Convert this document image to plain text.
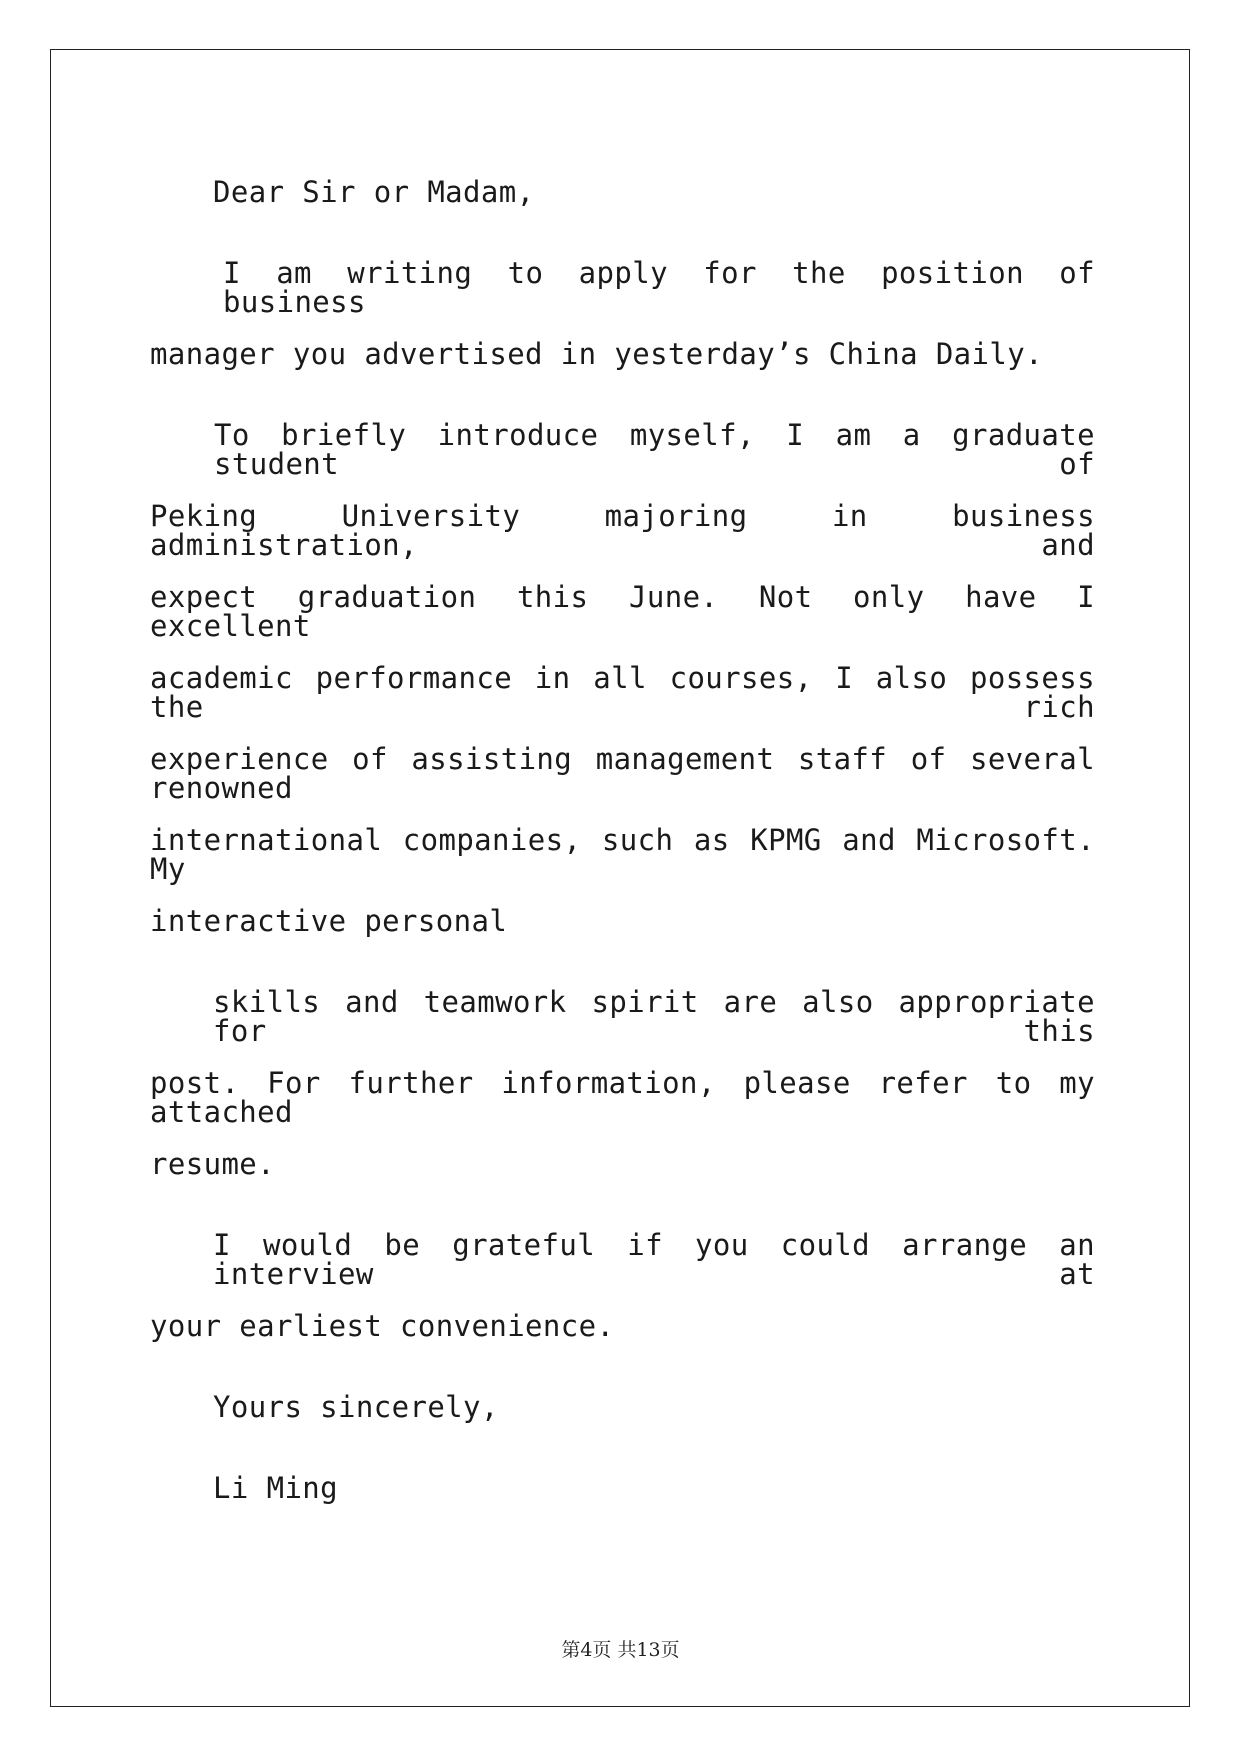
Dear Sir or Madam,
I am writing to apply for the position of business
manager you advertised in yesterday’s China Daily.
To briefly introduce myself, I am a graduate student of
Peking University majoring in business administration, and
expect graduation this June. Not only have I excellent
academic performance in all courses, I also possess the rich
experience of assisting management staff of several renowned
international companies, such as KPMG and Microsoft. My
interactive personal
skills and teamwork spirit are also appropriate for this
post. For further information, please refer to my attached
resume.
I would be grateful if you could arrange an interview at
your earliest convenience.
Yours sincerely,
Li Ming
第4页 共13页
